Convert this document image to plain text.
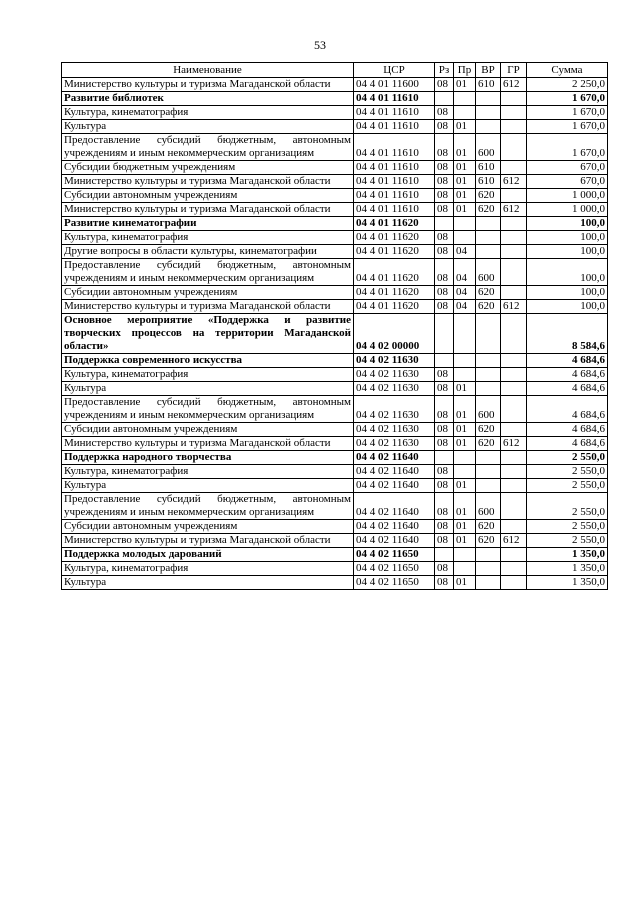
53
Наименование	ЦСР	Рз	Пр	ВР	ГР	Сумма
Министерство культуры и туризма Магаданской области	04 4 01 11600	08	01	610	612	2 250,0
Развитие библиотек	04 4 01 11610					1 670,0
Культура, кинематография	04 4 01 11610	08				1 670,0
Культура	04 4 01 11610	08	01			1 670,0
Предоставление субсидий бюджетным, автономным учреждениям и иным некоммерческим организациям	04 4 01 11610	08	01	600		1 670,0
Субсидии бюджетным учреждениям	04 4 01 11610	08	01	610		670,0
Министерство культуры и туризма Магаданской области	04 4 01 11610	08	01	610	612	670,0
Субсидии автономным учреждениям	04 4 01 11610	08	01	620		1 000,0
Министерство культуры и туризма Магаданской области	04 4 01 11610	08	01	620	612	1 000,0
Развитие кинематографии	04 4 01 11620					100,0
Культура, кинематография	04 4 01 11620	08				100,0
Другие вопросы в области культуры, кинематографии	04 4 01 11620	08	04			100,0
Предоставление субсидий бюджетным, автономным учреждениям и иным некоммерческим организациям	04 4 01 11620	08	04	600		100,0
Субсидии автономным учреждениям	04 4 01 11620	08	04	620		100,0
Министерство культуры и туризма Магаданской области	04 4 01 11620	08	04	620	612	100,0
Основное мероприятие «Поддержка и развитие творческих процессов на территории Магаданской области»	04 4 02 00000					8 584,6
Поддержка современного искусства	04 4 02 11630					4 684,6
Культура, кинематография	04 4 02 11630	08				4 684,6
Культура	04 4 02 11630	08	01			4 684,6
Предоставление субсидий бюджетным, автономным учреждениям и иным некоммерческим организациям	04 4 02 11630	08	01	600		4 684,6
Субсидии автономным учреждениям	04 4 02 11630	08	01	620		4 684,6
Министерство культуры и туризма Магаданской области	04 4 02 11630	08	01	620	612	4 684,6
Поддержка народного творчества	04 4 02 11640					2 550,0
Культура, кинематография	04 4 02 11640	08				2 550,0
Культура	04 4 02 11640	08	01			2 550,0
Предоставление субсидий бюджетным, автономным учреждениям и иным некоммерческим организациям	04 4 02 11640	08	01	600		2 550,0
Субсидии автономным учреждениям	04 4 02 11640	08	01	620		2 550,0
Министерство культуры и туризма Магаданской области	04 4 02 11640	08	01	620	612	2 550,0
Поддержка молодых дарований	04 4 02 11650					1 350,0
Культура, кинематография	04 4 02 11650	08				1 350,0
Культура	04 4 02 11650	08	01			1 350,0
